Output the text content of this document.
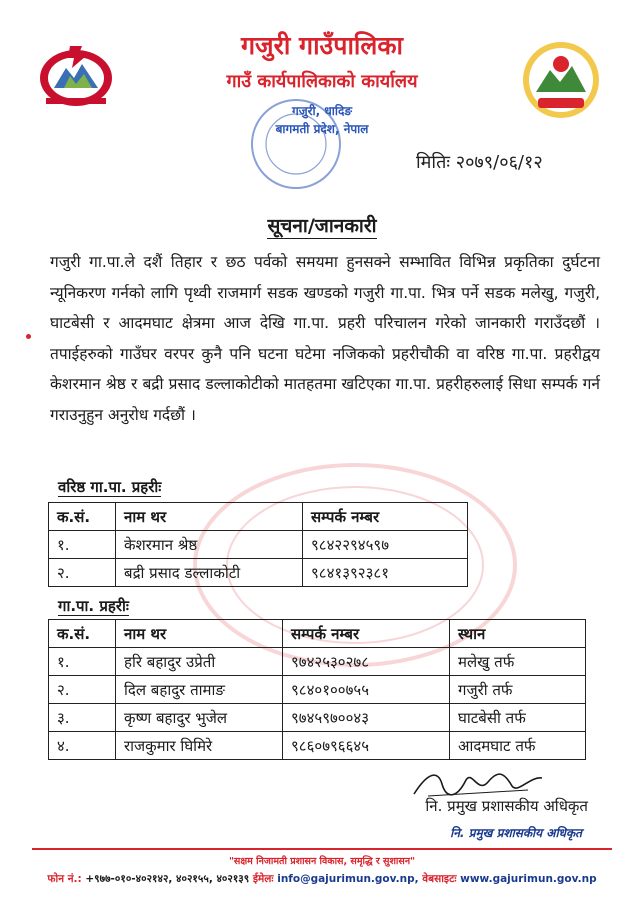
गजुरी गाउँपालिका
गाउँ कार्यपालिकाको कार्यालय
गजुरी, धादिङ
बागमती प्रदेश, नेपाल
मितिः २०७९/०६/१२
सूचना/जानकारी
गजुरी गा.पा.ले दशैं तिहार र छठ पर्वको समयमा हुनसक्ने सम्भावित विभिन्न प्रकृतिका दुर्घटना न्यूनिकरण गर्नको लागि पृथ्वी राजमार्ग सडक खण्डको गजुरी गा.पा. भित्र पर्ने सडक मलेखु, गजुरी, घाटबेसी र आदमघाट क्षेत्रमा आज देखि गा.पा. प्रहरी परिचालन गरेको जानकारी गराउँदछौं । तपाईहरुको गाउँघर वरपर कुनै पनि घटना घटेमा नजिकको प्रहरीचौकी वा वरिष्ठ गा.पा. प्रहरीद्वय केशरमान श्रेष्ठ र बद्री प्रसाद डल्लाकोटीको मातहतमा खटिएका गा.पा. प्रहरीहरुलाई सिधा सम्पर्क गर्न गराउनुहुन अनुरोध गर्दछौं ।
वरिष्ठ गा.पा. प्रहरीः
क.सं.	नाम थर	सम्पर्क नम्बर
१.	केशरमान श्रेष्ठ	९८४२२९४५९७
२.	बद्री प्रसाद डल्लाकोटी	९८४१३९२३८१
गा.पा. प्रहरीः
क.सं.	नाम थर	सम्पर्क नम्बर	स्थान
१.	हरि बहादुर उप्रेती	९७४२५३०२७८	मलेखु तर्फ
२.	दिल बहादुर तामाङ	९८४०१००७५५	गजुरी तर्फ
३.	कृष्ण बहादुर भुजेल	९७४५९७००४३	घाटबेसी तर्फ
४.	राजकुमार घिमिरे	९८६०७९६६४५	आदमघाट तर्फ
नि. प्रमुख प्रशासकीय अधिकृत
नि. प्रमुख प्रशासकीय अधिकृत
"सक्षम निजामती प्रशासन विकास, समृद्धि र सुशासन"
फोन नं.: +९७७-०१०-४०२१४२, ४०२१५५, ४०२१३९ ईमेलः info@gajurimun.gov.np, वेबसाइटः www.gajurimun.gov.np
